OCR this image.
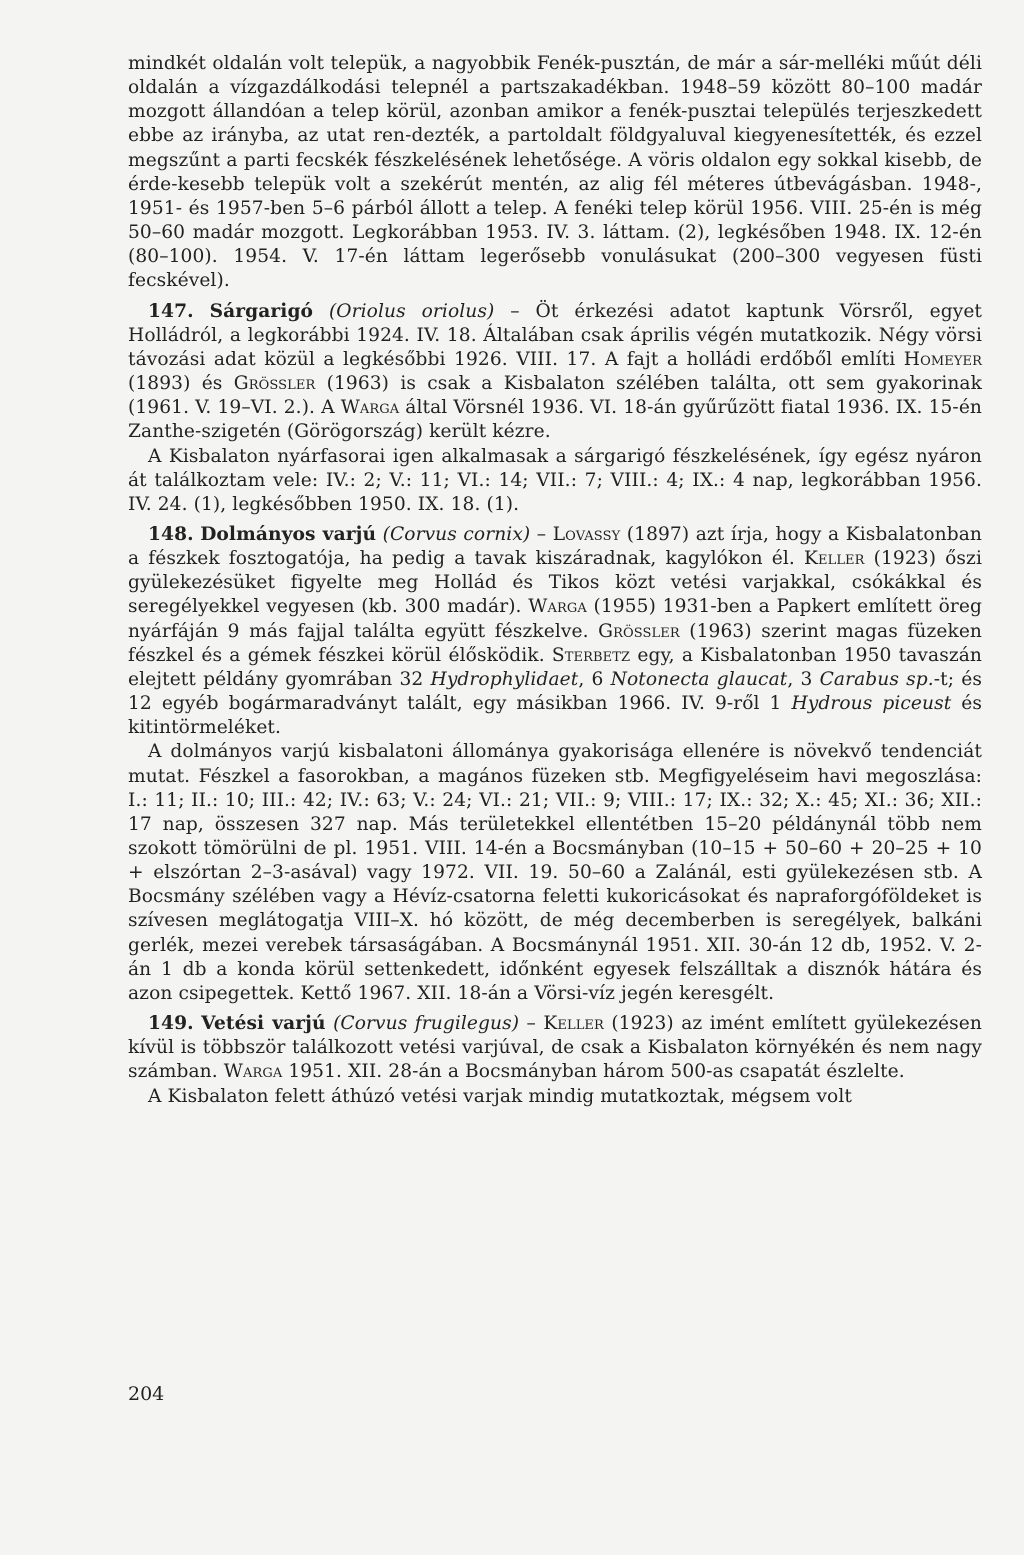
mindkét oldalán volt telepük, a nagyobbik Fenék-pusztán, de már a sár-melléki műút déli oldalán a vízgazdálkodási telepnél a partszakadékban. 1948–59 között 80–100 madár mozgott állandóan a telep körül, azonban amikor a fenék-pusztai település terjeszkedett ebbe az irányba, az utat ren-dezték, a partoldalt földgyaluval kiegyenesítették, és ezzel megszűnt a parti fecskék fészkelésének lehetősége. A vöris oldalon egy sokkal kisebb, de érde-kesebb telepük volt a szekérút mentén, az alig fél méteres útbevágásban. 1948-, 1951- és 1957-ben 5–6 párból állott a telep. A fenéki telep körül 1956. VIII. 25-én is még 50–60 madár mozgott. Legkorábban 1953. IV. 3. láttam. (2), legkésőben 1948. IX. 12-én (80–100). 1954. V. 17-én láttam legerősebb vonulásukat (200–300 vegyesen füsti fecskével).

147. Sárgarigó (Oriolus oriolus) – Öt érkezési adatot kaptunk Vörsről, egyet Holládról, a legkorábbi 1924. IV. 18. Általában csak április végén mutatkozik. Négy vörsi távozási adat közül a legkésőbbi 1926. VIII. 17. A fajt a holládi erdőből említi Homeyer (1893) és Grössler (1963) is csak a Kisbalaton szélében találta, ott sem gyakorinak (1961. V. 19–VI. 2.). A Warga által Vörsnél 1936. VI. 18-án gyűrűzött fiatal 1936. IX. 15-én Zanthe-szigetén (Görögország) került kézre.

A Kisbalaton nyárfasorai igen alkalmasak a sárgarigó fészkelésének, így egész nyáron át találkoztam vele: IV.: 2; V.: 11; VI.: 14; VII.: 7; VIII.: 4; IX.: 4 nap, legkorábban 1956. IV. 24. (1), legkésőbben 1950. IX. 18. (1).

148. Dolmányos varjú (Corvus cornix) – Lovassy (1897) azt írja, hogy a Kisbalatonban a fészkek fosztogatója, ha pedig a tavak kiszáradnak, kagylókon él. Keller (1923) őszi gyülekezésüket figyelte meg Hollád és Tikos közt vetési varjakkal, csókákkal és seregélyekkel vegyesen (kb. 300 madár). Warga (1955) 1931-ben a Papkert említett öreg nyárfáján 9 más fajjal találta együtt fészkelve. Grössler (1963) szerint magas füzeken fészkel és a gémek fészkei körül élősködik. Sterbetz egy, a Kisbalatonban 1950 tavaszán elejtett példány gyomrában 32 Hydrophylidaet, 6 Notonecta glaucat, 3 Carabus sp.-t; és 12 egyéb bogármaradványt talált, egy másikban 1966. IV. 9-ről 1 Hydrous piceust és kitintörmeléket.

A dolmányos varjú kisbalatoni állománya gyakorisága ellenére is növekvő tendenciát mutat. Fészkel a fasorokban, a magános füzeken stb. Megfigyeléseim havi megoszlása: I.: 11; II.: 10; III.: 42; IV.: 63; V.: 24; VI.: 21; VII.: 9; VIII.: 17; IX.: 32; X.: 45; XI.: 36; XII.: 17 nap, összesen 327 nap. Más területekkel ellentétben 15–20 példánynál több nem szokott tömörülni de pl. 1951. VIII. 14-én a Bocsmányban (10–15 + 50–60 + 20–25 + 10 + elszórtan 2–3-asával) vagy 1972. VII. 19. 50–60 a Zalánál, esti gyülekezésen stb. A Bocsmány szélében vagy a Hévíz-csatorna feletti kukoricásokat és napraforgóföldeket is szívesen meglátogatja VIII–X. hó között, de még decemberben is seregélyek, balkáni gerlék, mezei verebek társaságában. A Bocsmánynál 1951. XII. 30-án 12 db, 1952. V. 2-án 1 db a konda körül settenkedett, időnként egyesek felszálltak a disznók hátára és azon csipegettek. Kettő 1967. XII. 18-án a Vörsi-víz jegén keresgélt.

149. Vetési varjú (Corvus frugilegus) – Keller (1923) az imént említett gyülekezésen kívül is többször találkozott vetési varjúval, de csak a Kisbalaton környékén és nem nagy számban. Warga 1951. XII. 28-án a Bocsmányban három 500-as csapatát észlelte.

A Kisbalaton felett áthúzó vetési varjak mindig mutatkoztak, mégsem volt

204
